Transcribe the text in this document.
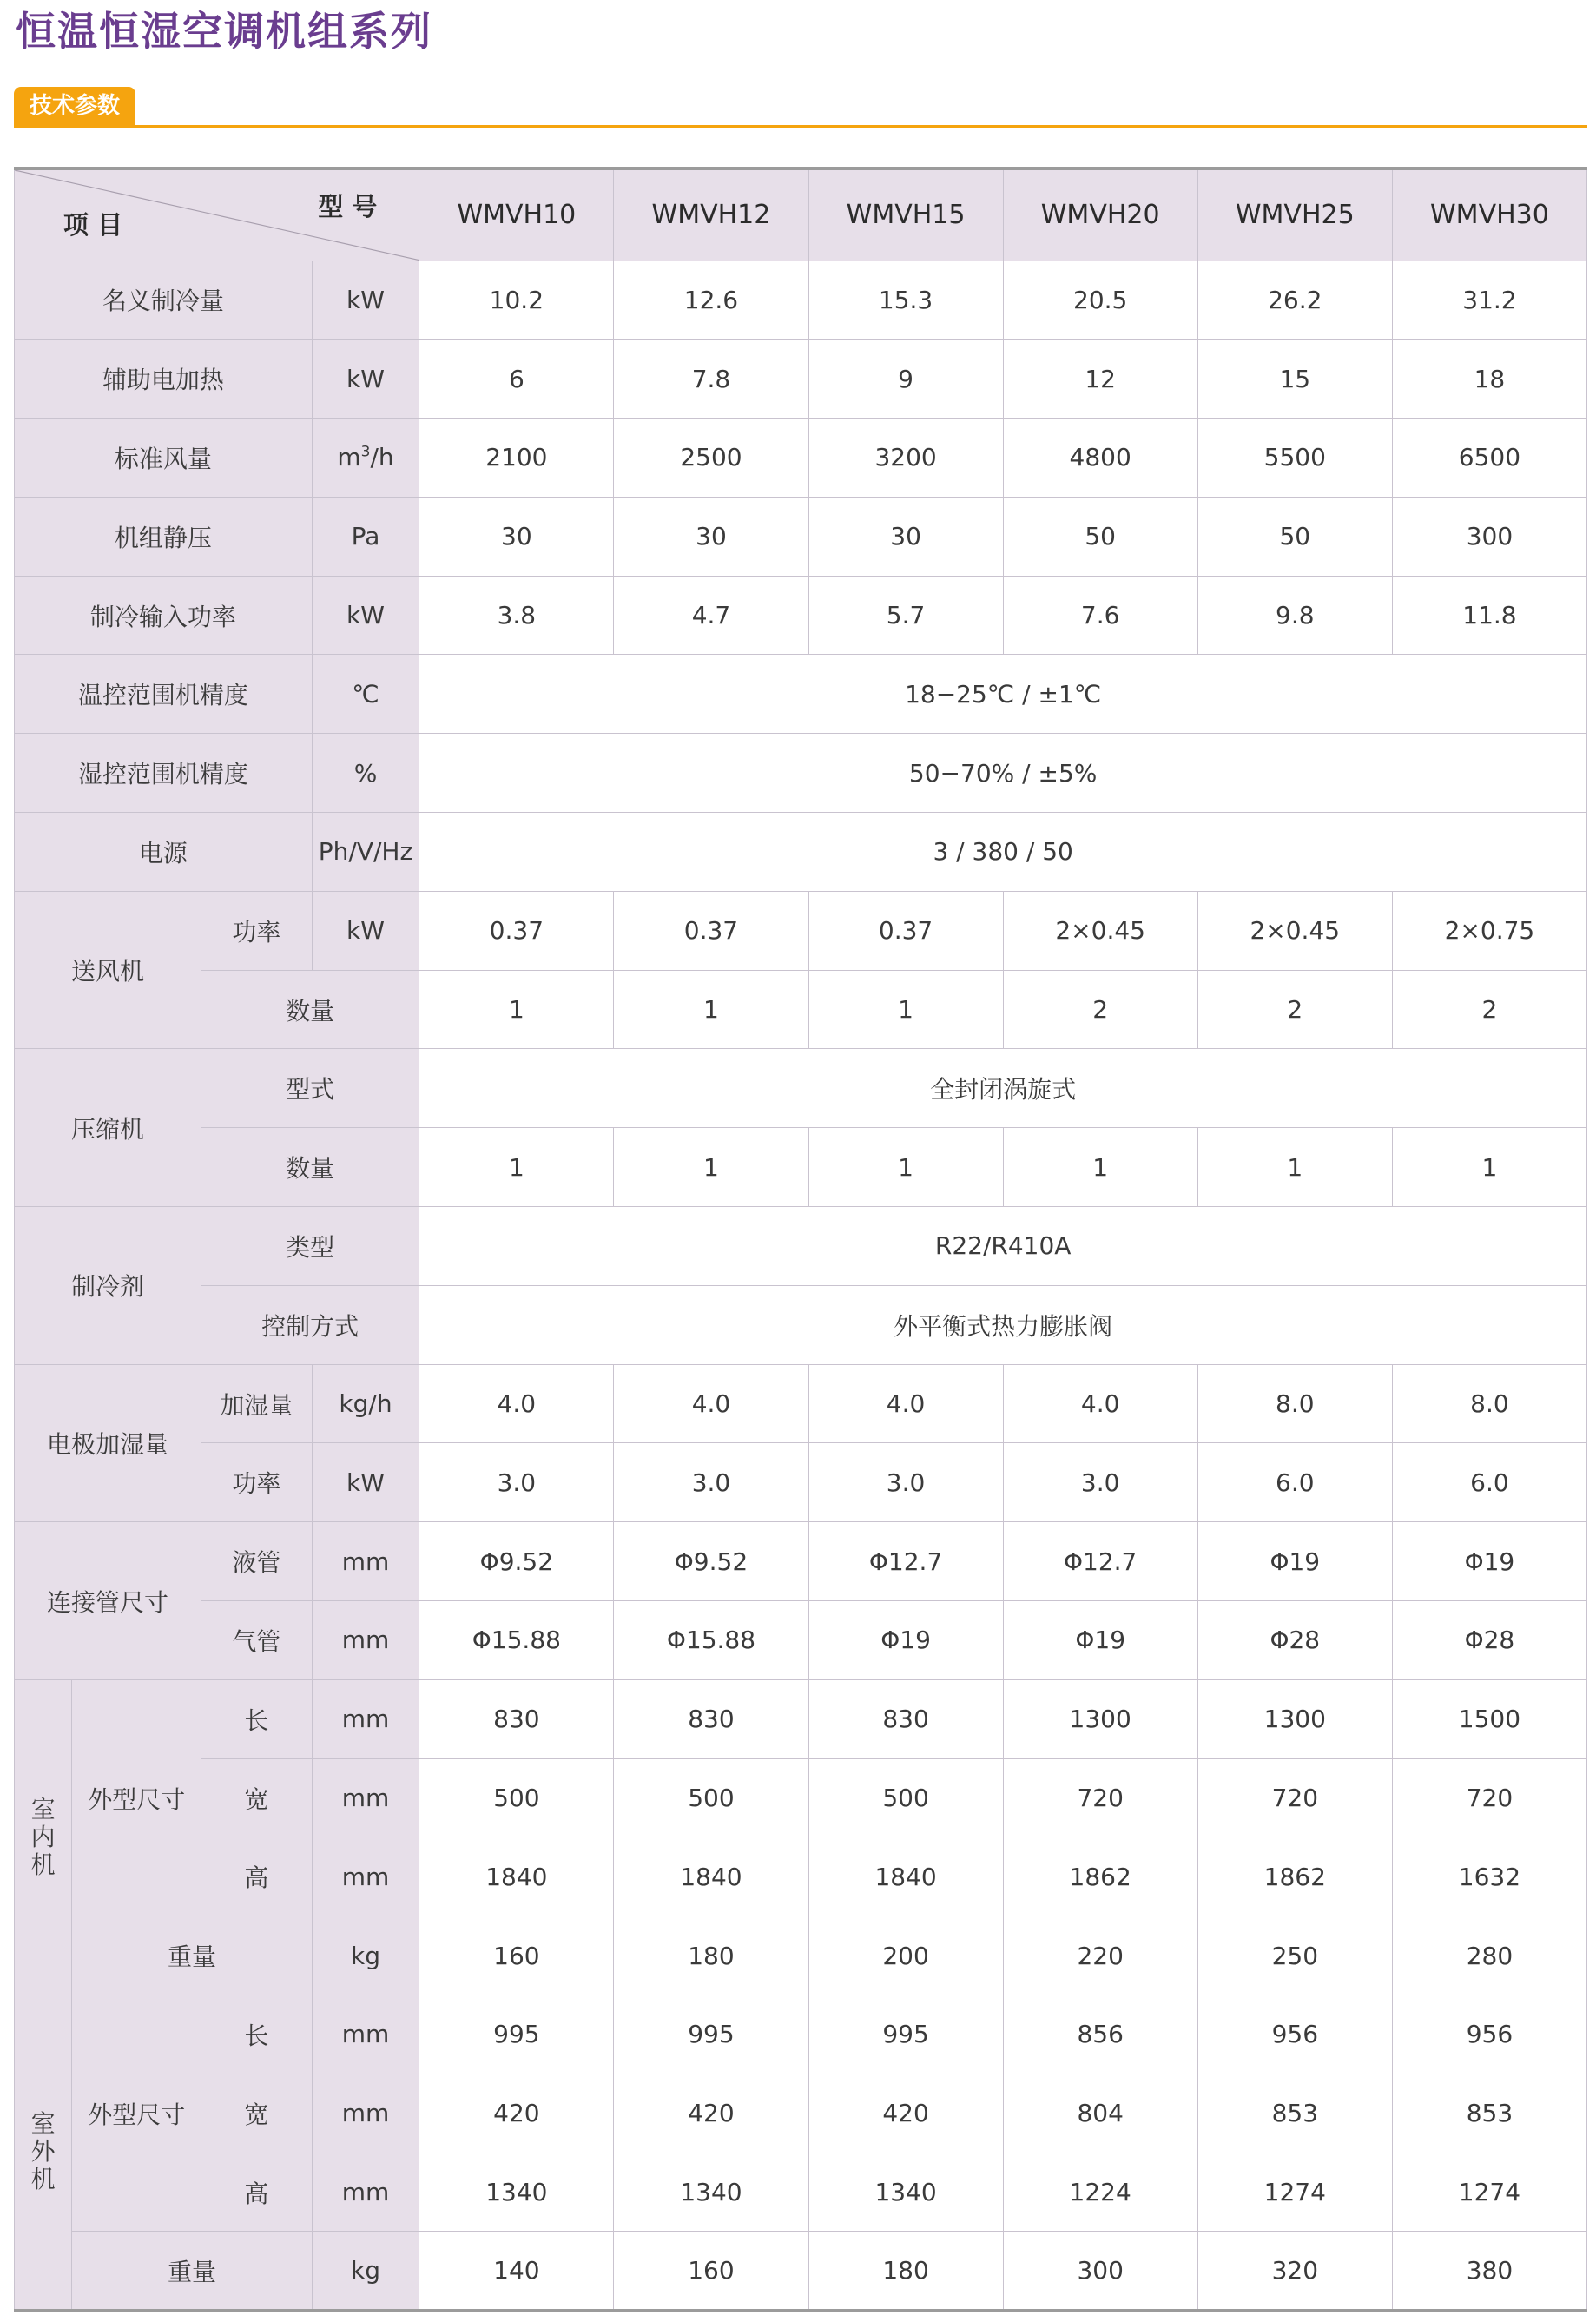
恒温恒湿空调机组系列
技术参数
型 号
项 目				WMVH10	WMVH12	WMVH15	WMVH20	WMVH25	WMVH30
名义制冷量			kW	10.2	12.6	15.3	20.5	26.2	31.2
辅助电加热			kW	6	7.8	9	12	15	18
标准风量			$m^3/h$	2100	2500	3200	4800	5500	6500
机组静压			Pa	30	30	30	50	50	300
制冷输入功率			kW	3.8	4.7	5.7	7.6	9.8	11.8
温控范围机精度			℃	18−25℃ / ±1℃					
湿控范围机精度			%	50−70% / ±5%					
电源			Ph/V/Hz	3 / 380 / 50					
送风机		功率	kW	0.37	0.37	0.37	2×0.45	2×0.45	2×0.75
		数量		1	1	1	2	2	2
压缩机		型式		全封闭涡旋式					
		数量		1	1	1	1	1	1
制冷剂		类型		R22/R410A					
		控制方式		外平衡式热力膨胀阀					
电极加湿量		加湿量	kg/h	4.0	4.0	4.0	4.0	8.0	8.0
		功率	kW	3.0	3.0	3.0	3.0	6.0	6.0
连接管尺寸		液管	mm	Φ9.52	Φ9.52	Φ12.7	Φ12.7	Φ19	Φ19
		气管	mm	Φ15.88	Φ15.88	Φ19	Φ19	Φ28	Φ28
室内机	外型尺寸	长	mm	830	830	830	1300	1300	1500
		宽	mm	500	500	500	720	720	720
		高	mm	1840	1840	1840	1862	1862	1632
	重量		kg	160	180	200	220	250	280
室外机	外型尺寸	长	mm	995	995	995	856	956	956
		宽	mm	420	420	420	804	853	853
		高	mm	1340	1340	1340	1224	1274	1274
	重量		kg	140	160	180	300	320	380
